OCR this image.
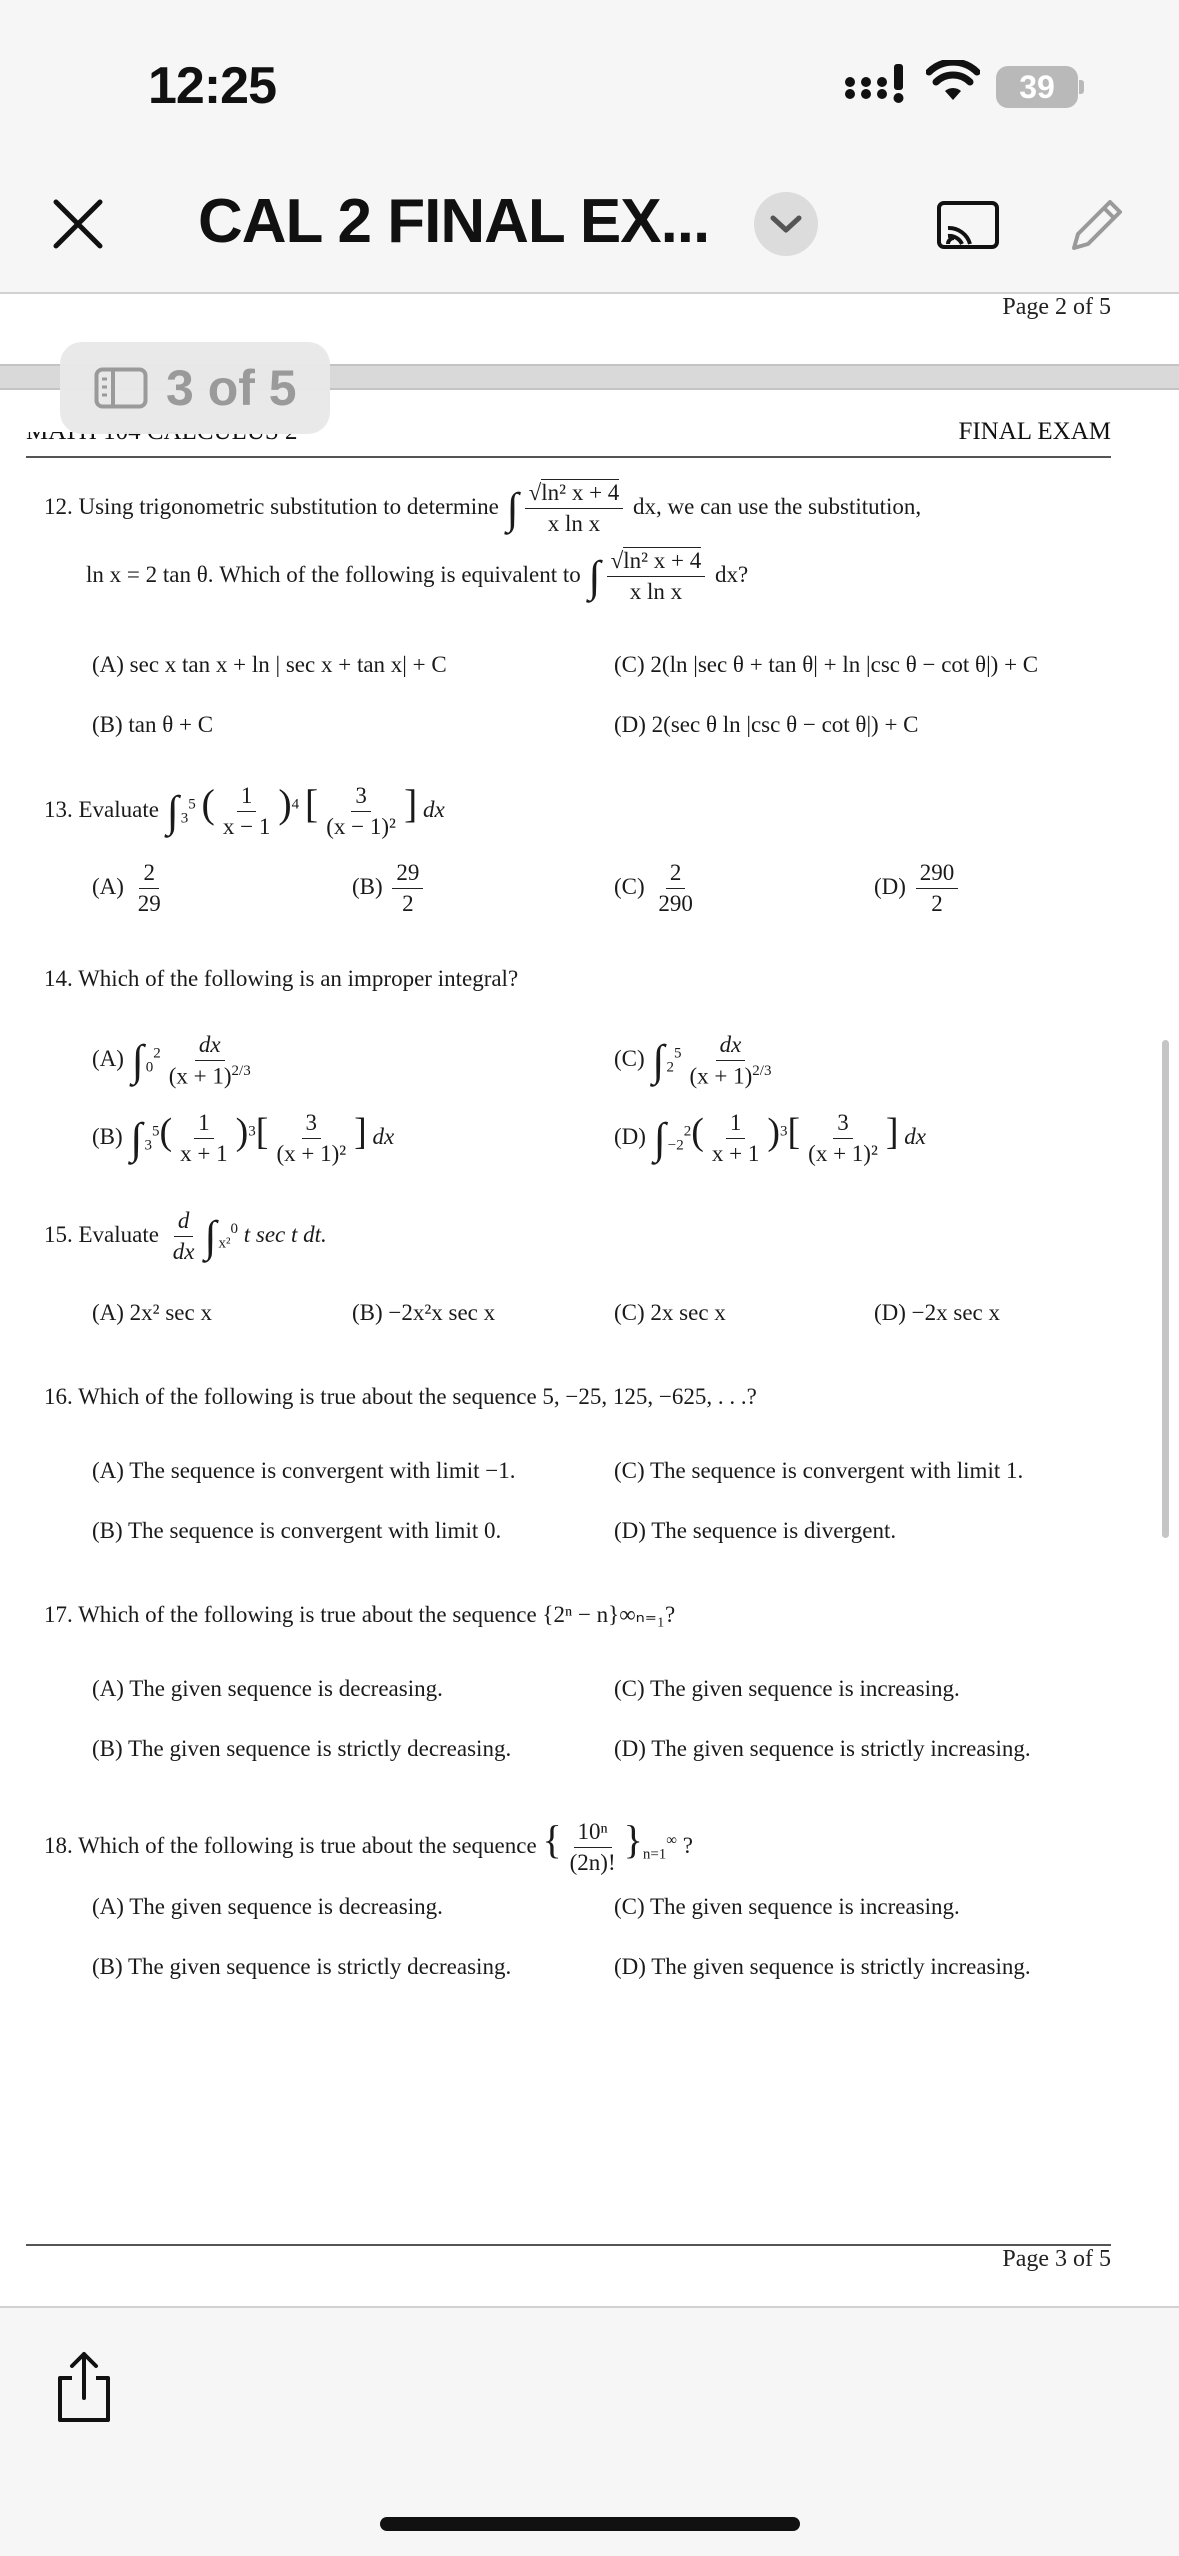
12:25	39
CAL 2 FINAL EX...
Page 2 of 5
FINAL EXAM
3 of 5
12. Using trigonometric substitution to determine ∫ $\frac{\text{√ln² x + 4}}{\text{x ln x}}$ dx, we can use the substitution,
ln x = 2 tan θ. Which of the following is equivalent to ∫ $\frac{\text{√ln² x + 4}}{\text{x ln x}}$ dx?
(A) sec x tan x + ln | sec x + tan x| + C	(C) 2(ln |sec θ + tan θ| + ln |csc θ − cot θ|) + C
(B) tan θ + C	(D) 2(sec θ ln |csc θ − cot θ|) + C
13. Evaluate ∫ $_3^5$ ( $\frac{1}{x - 1} )^4$ [ $\frac{3}{\text{(x − 1)²}}$ ] dx
$(A) \frac{2}{29}$	$(B) \frac{29}{2}$	$(C) \frac{2}{290}$	$(D) \frac{290}{2}$
14. Which of the following is an improper integral?
(A) ∫ $_0^2 \frac{dx}{(x + 1)^{2/3}}$	(C) ∫ $_2^5 \frac{dx}{(x + 1)^{2/3}}$
(B) ∫ $_3^5( \frac{1}{x + 1} )^3[ \frac{3}{\text{(x + 1)²}}$ ] dx	(D) ∫ $_{-2}^2( \frac{1}{x + 1} )^3[ \frac{3}{\text{(x + 1)²}}$ ] dx
15. Evaluate $\frac{d}{dx}$ ∫ $_{x^2}^0$ t sec t dt.
(A) 2x² sec x	(B) −2x²x sec x	(C) 2x sec x	(D) −2x sec x
16. Which of the following is true about the sequence 5, −25, 125, −625, . . .?
(A) The sequence is convergent with limit −1.	(C) The sequence is convergent with limit 1.
(B) The sequence is convergent with limit 0.	(D) The sequence is divergent.
17. Which of the following is true about the sequence {2ⁿ − n}∞ₙ₌₁?
(A) The given sequence is decreasing.	(C) The given sequence is increasing.
(B) The given sequence is strictly decreasing.	(D) The given sequence is strictly increasing.
18. Which of the following is true about the sequence { $\frac{\text{10ⁿ}}{(2n)!} \}_{n=1}^\infty$ ?
(A) The given sequence is decreasing.	(C) The given sequence is increasing.
(B) The given sequence is strictly decreasing.	(D) The given sequence is strictly increasing.
Page 3 of 5
